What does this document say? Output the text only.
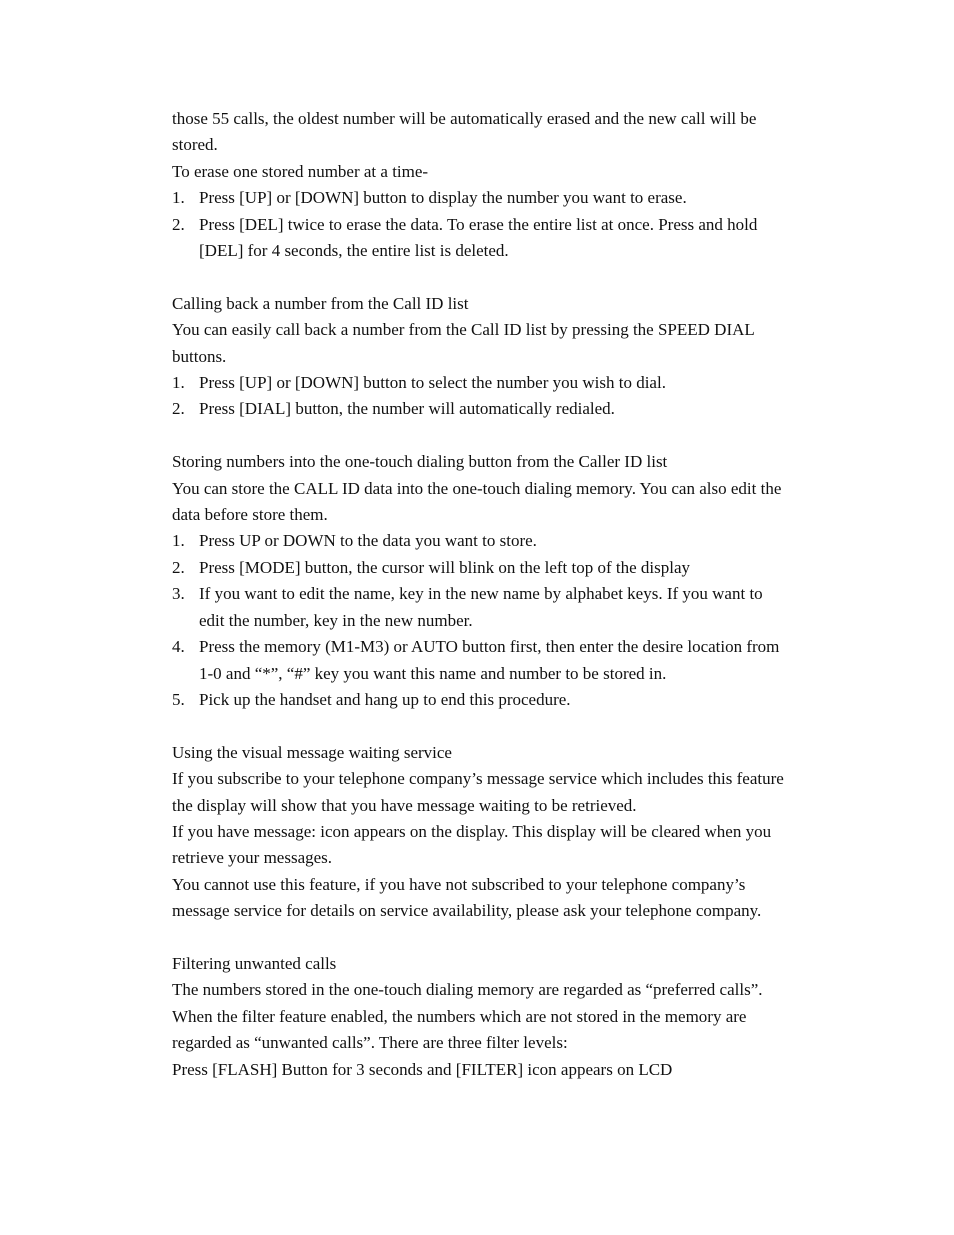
those 55 calls, the oldest number will be automatically erased and the new call will be stored.

To erase one stored number at a time-

1. Press [UP] or [DOWN] button to display the number you want to erase.
2. Press [DEL] twice to erase the data. To erase the entire list at once. Press and hold [DEL] for 4 seconds, the entire list is deleted.

Calling back a number from the Call ID list

You can easily call back a number from the Call ID list by pressing the SPEED DIAL buttons.

1. Press [UP] or [DOWN] button to select the number you wish to dial.
2. Press [DIAL] button, the number will automatically redialed.

Storing numbers into the one-touch dialing button from the Caller ID list

You can store the CALL ID data into the one-touch dialing memory. You can also edit the data before store them.

1. Press UP or DOWN to the data you want to store.
2. Press [MODE] button, the cursor will blink on the left top of the display
3. If you want to edit the name, key in the new name by alphabet keys. If you want to edit the number, key in the new number.
4. Press the memory (M1-M3) or AUTO button first, then enter the desire location from 1-0 and “*”, “#” key you want this name and number to be stored in.
5. Pick up the handset and hang up to end this procedure.

Using the visual message waiting service

If you subscribe to your telephone company’s message service which includes this feature the display will show that you have message waiting to be retrieved.

If you have message: icon appears on the display. This display will be cleared when you retrieve your messages.

You cannot use this feature, if you have not subscribed to your telephone company’s message service for details on service availability, please ask your telephone company.

Filtering unwanted calls

The numbers stored in the one-touch dialing memory are regarded as “preferred calls”. When the filter feature enabled, the numbers which are not stored in the memory are regarded as “unwanted calls”. There are three filter levels:

Press [FLASH] Button for 3 seconds and [FILTER] icon appears on LCD
